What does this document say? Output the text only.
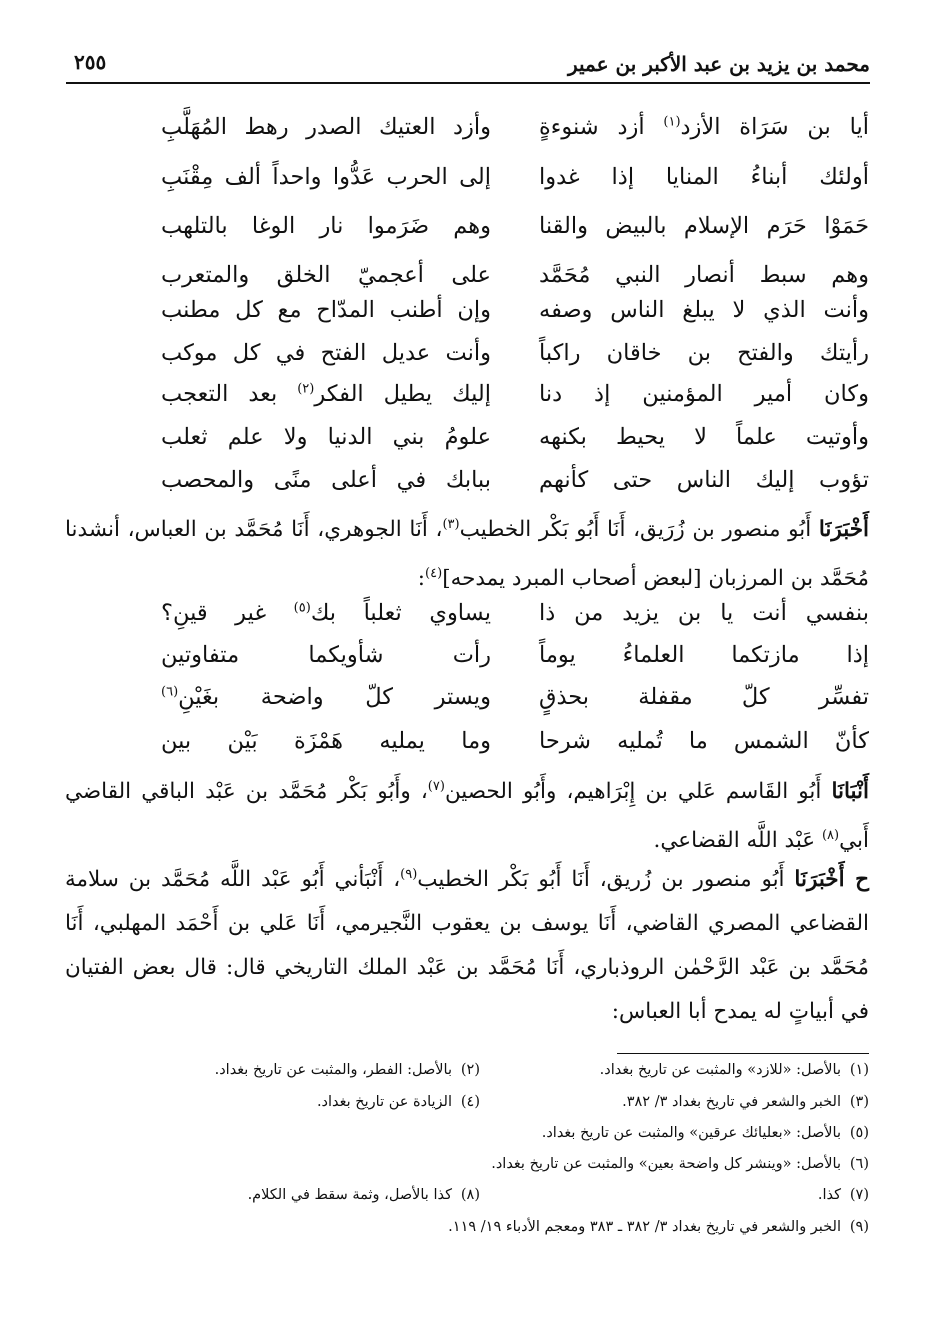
محمد بن يزيد بن عبد الأكبر بن عمير
٢٥٥
أيا بن سَرَاة الأزد$^{(١)}$ أزد شنوءةٍ
وأزد العتيك الصدر رهط المُهَلَّبِ
أولئك أبناءُ المنايا إذا غدوا
إلى الحرب عَدُّوا واحداً ألف مِقْنَبِ
حَمَوْا حَرَم الإسلام بالبيض والقنا
وهم ضَرَموا نار الوغا بالتلهب
وهم سبط أنصار النبي مُحَمَّد
على أعجميّ الخلق والمتعرب
وأنت الذي لا يبلغ الناس وصفه
وإن أطنب المدّاح مع كل مطنب
رأيتك والفتح بن خاقان راكباً
وأنت عديل الفتح في كل موكب
وكان أمير المؤمنين إذ دنا
إليك يطيل الفكر$^{(٢)}$ بعد التعجب
وأوتيت علماً لا يحيط بكنهه
علومُ بني الدنيا ولا علم ثعلب
تؤوب إليك الناس حتى كأنهم
ببابك في أعلى منًى والمحصب
أَخْبَرَنَا أَبُو منصور بن زُرَيق، أَنَا أَبُو بَكْر الخطيب$^{(٣)}$، أَنَا الجوهري، أَنَا مُحَمَّد بن العباس، أنشدنا مُحَمَّد بن المرزبان [لبعض أصحاب المبرد يمدحه]$^{(٤)}$:
بنفسي أنت يا بن يزيد من ذا
يساوي ثعلباً بك$^{(٥)}$ غير قينِ؟
إذا مازتكما العلماءُ يوماً
رأت شأويكما متفاوتين
تفسِّر كلّ مقفلة بحذقٍ
ويستر كلّ واضحة بغَيْنِ$^{(٦)}$
كأنّ الشمس ما تُمليه شرحا
وما يمليه هَمْزَة بَيْن بين
أَنْبَانَا أَبُو القَاسم عَلي بن إِبْرَاهيم، وأَبُو الحصين$^{(٧)}$، وأَبُو بَكْر مُحَمَّد بن عَبْد الباقي القاضي أَبي$^{(٨)}$ عَبْد اللَّه القضاعي.
ح أَخْبَرَنَا أَبُو منصور بن زُريق، أَنَا أَبُو بَكْر الخطيب$^{(٩)}$، أَنْبَأني أَبُو عَبْد اللَّه مُحَمَّد بن سلامة القضاعي المصري القاضي، أَنَا يوسف بن يعقوب النَّجيرمي، أَنَا عَلي بن أَحْمَد المهلبي، أَنَا مُحَمَّد بن عَبْد الرَّحْمٰن الروذباري، أَنَا مُحَمَّد بن عَبْد الملك التاريخي قال: قال بعض الفتيان في أبياتٍ له يمدح أبا العباس:
(١)بالأصل: «للازد» والمثبت عن تاريخ بغداد.
(٢)بالأصل: الفطر، والمثبت عن تاريخ بغداد.
(٣)الخبر والشعر في تاريخ بغداد ٣/ ٣٨٢.
(٤)الزيادة عن تاريخ بغداد.
(٥)بالأصل: «بعليائك عرقين» والمثبت عن تاريخ بغداد.
(٦)بالأصل: «وينشر كل واضحة بعين» والمثبت عن تاريخ بغداد.
(٧)كذا.
(٨)كذا بالأصل، وثمة سقط في الكلام.
(٩)الخبر والشعر في تاريخ بغداد ٣/ ٣٨٢ ـ ٣٨٣ ومعجم الأدباء ١٩/ ١١٩.
